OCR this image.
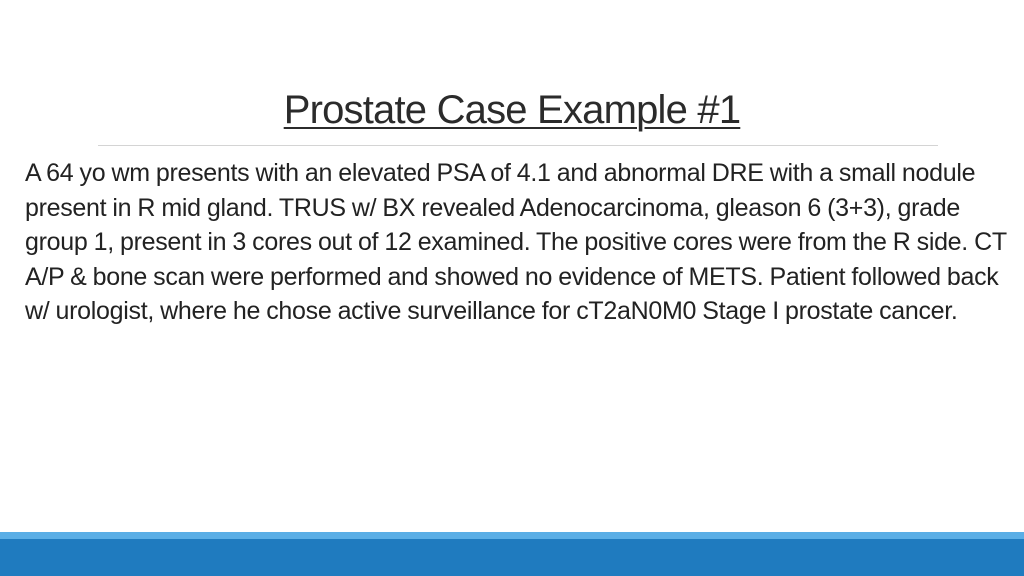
Prostate Case Example #1

A 64 yo wm presents with an elevated PSA of 4.1 and abnormal DRE with a small nodule present in R mid gland. TRUS w/ BX revealed Adenocarcinoma, gleason 6 (3+3), grade group 1, present in 3 cores out of 12 examined. The positive cores were from the R side. CT A/P & bone scan were performed and showed no evidence of METS. Patient followed back w/ urologist, where he chose active surveillance for cT2aN0M0 Stage I prostate cancer.
